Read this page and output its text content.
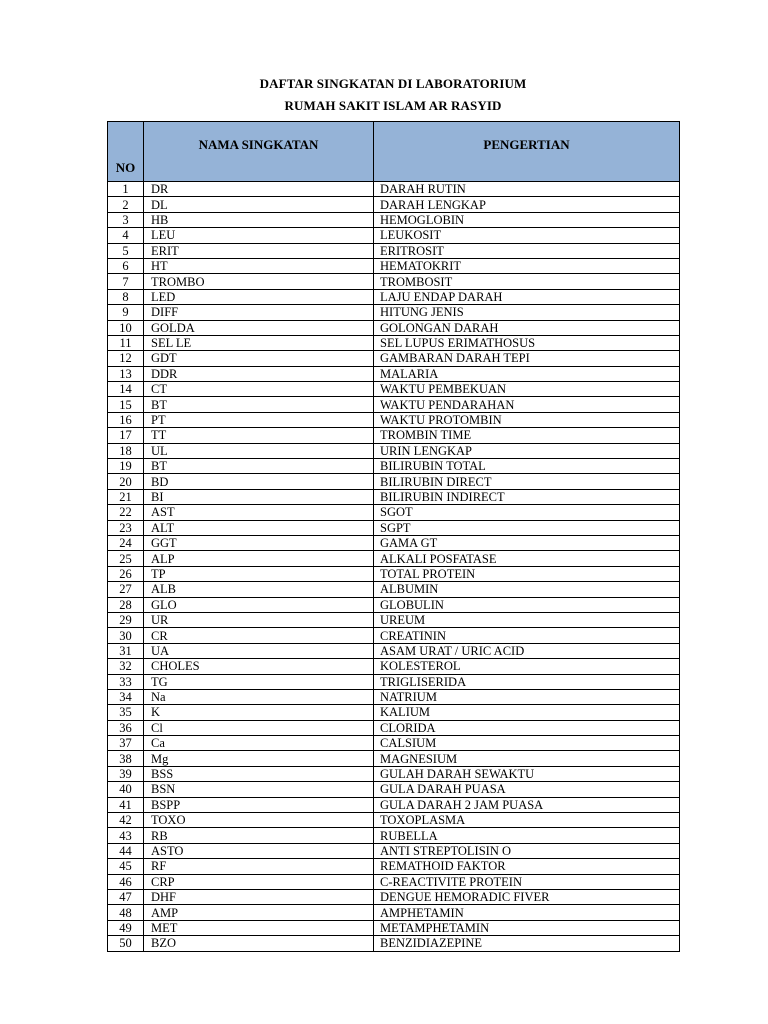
DAFTAR SINGKATAN DI LABORATORIUM
RUMAH SAKIT ISLAM AR RASYID
NO	NAMA SINGKATAN	PENGERTIAN
1	DR	DARAH RUTIN
2	DL	DARAH LENGKAP
3	HB	HEMOGLOBIN
4	LEU	LEUKOSIT
5	ERIT	ERITROSIT
6	HT	HEMATOKRIT
7	TROMBO	TROMBOSIT
8	LED	LAJU ENDAP DARAH
9	DIFF	HITUNG JENIS
10	GOLDA	GOLONGAN DARAH
11	SEL LE	SEL LUPUS ERIMATHOSUS
12	GDT	GAMBARAN DARAH TEPI
13	DDR	MALARIA
14	CT	WAKTU PEMBEKUAN
15	BT	WAKTU PENDARAHAN
16	PT	WAKTU PROTOMBIN
17	TT	TROMBIN TIME
18	UL	URIN LENGKAP
19	BT	BILIRUBIN TOTAL
20	BD	BILIRUBIN DIRECT
21	BI	BILIRUBIN INDIRECT
22	AST	SGOT
23	ALT	SGPT
24	GGT	GAMA GT
25	ALP	ALKALI POSFATASE
26	TP	TOTAL PROTEIN
27	ALB	ALBUMIN
28	GLO	GLOBULIN
29	UR	UREUM
30	CR	CREATININ
31	UA	ASAM URAT / URIC ACID
32	CHOLES	KOLESTEROL
33	TG	TRIGLISERIDA
34	Na	NATRIUM
35	K	KALIUM
36	Cl	CLORIDA
37	Ca	CALSIUM
38	Mg	MAGNESIUM
39	BSS	GULAH DARAH SEWAKTU
40	BSN	GULA DARAH PUASA
41	BSPP	GULA DARAH 2 JAM PUASA
42	TOXO	TOXOPLASMA
43	RB	RUBELLA
44	ASTO	ANTI STREPTOLISIN O
45	RF	REMATHOID FAKTOR
46	CRP	C-REACTIVITE PROTEIN
47	DHF	DENGUE HEMORADIC FIVER
48	AMP	AMPHETAMIN
49	MET	METAMPHETAMIN
50	BZO	BENZIDIAZEPINE
